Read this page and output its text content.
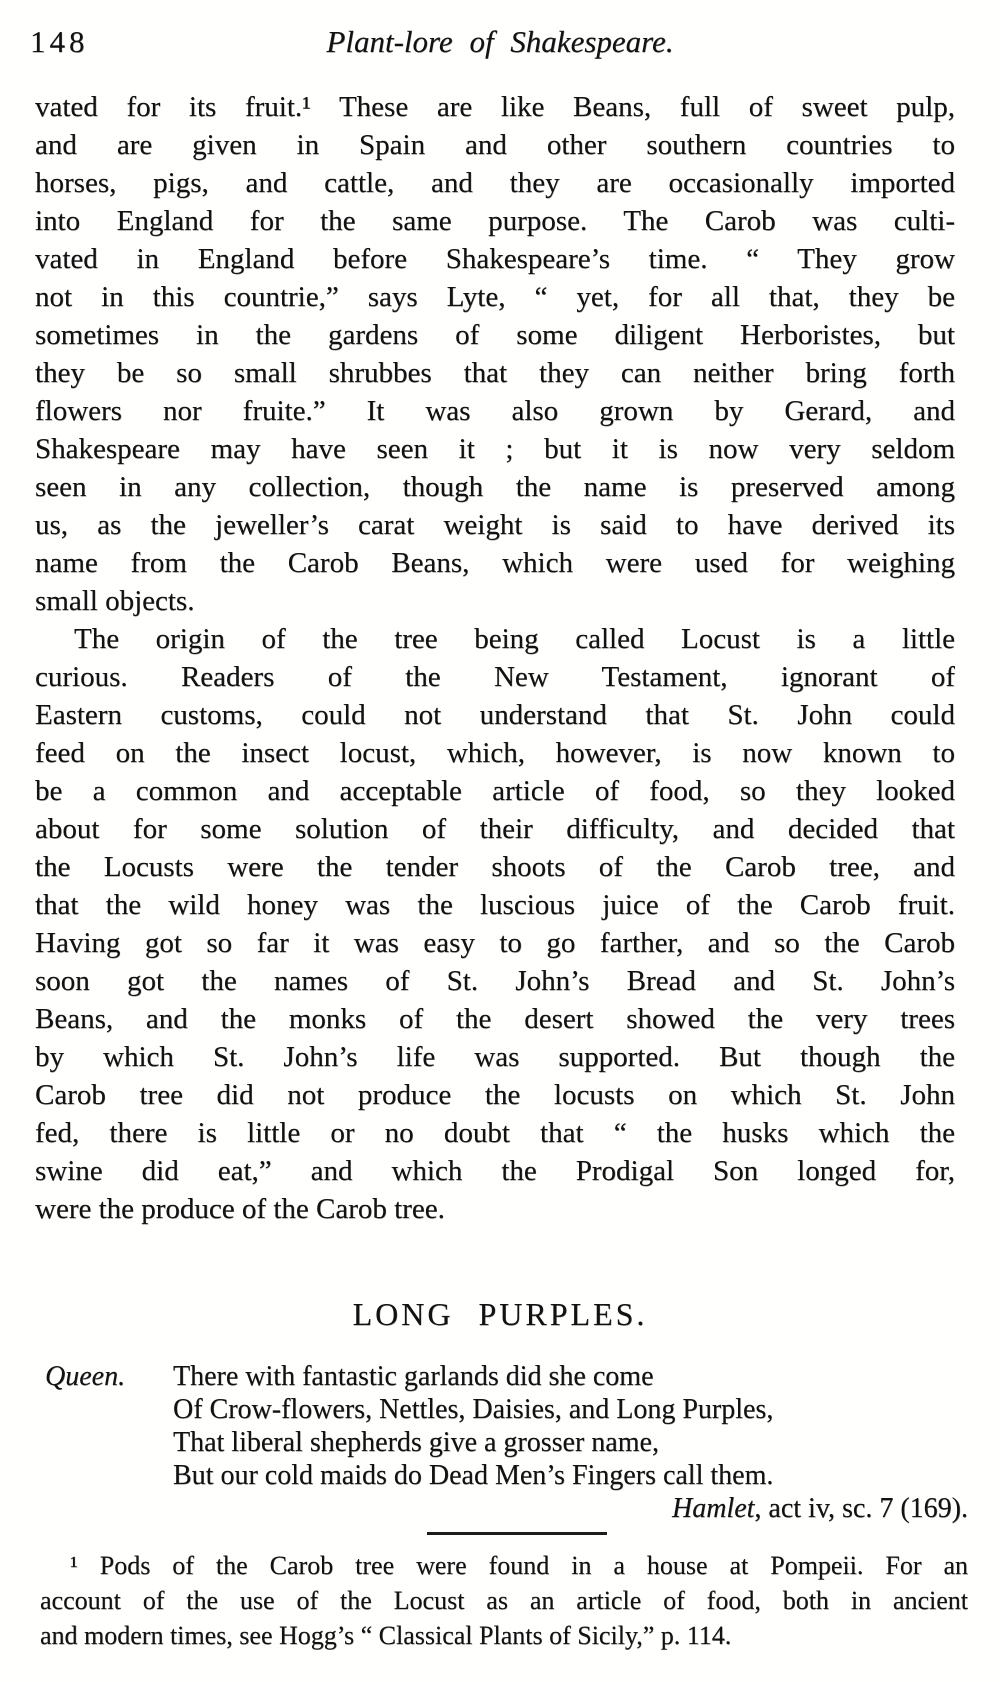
148	Plant-lore of Shakespeare.
vated for its fruit.¹ These are like Beans, full of sweet pulp,
and are given in Spain and other southern countries to
horses, pigs, and cattle, and they are occasionally imported
into England for the same purpose. The Carob was culti-
vated in England before Shakespeare’s time. “ They grow
not in this countrie,” says Lyte, “ yet, for all that, they be
sometimes in the gardens of some diligent Herboristes, but
they be so small shrubbes that they can neither bring forth
flowers nor fruite.” It was also grown by Gerard, and
Shakespeare may have seen it ; but it is now very seldom
seen in any collection, though the name is preserved among
us, as the jeweller’s carat weight is said to have derived its
name from the Carob Beans, which were used for weighing
small objects.
The origin of the tree being called Locust is a little
curious. Readers of the New Testament, ignorant of
Eastern customs, could not understand that St. John could
feed on the insect locust, which, however, is now known to
be a common and acceptable article of food, so they looked
about for some solution of their difficulty, and decided that
the Locusts were the tender shoots of the Carob tree, and
that the wild honey was the luscious juice of the Carob fruit.
Having got so far it was easy to go farther, and so the Carob
soon got the names of St. John’s Bread and St. John’s
Beans, and the monks of the desert showed the very trees
by which St. John’s life was supported. But though the
Carob tree did not produce the locusts on which St. John
fed, there is little or no doubt that “ the husks which the
swine did eat,” and which the Prodigal Son longed for,
were the produce of the Carob tree.
LONG PURPLES.
Queen.	There with fantastic garlands did she come
Of Crow-flowers, Nettles, Daisies, and Long Purples,
That liberal shepherds give a grosser name,
But our cold maids do Dead Men’s Fingers call them.
Hamlet, act iv, sc. 7 (169).
¹ Pods of the Carob tree were found in a house at Pompeii. For an
account of the use of the Locust as an article of food, both in ancient
and modern times, see Hogg’s “ Classical Plants of Sicily,” p. 114.
